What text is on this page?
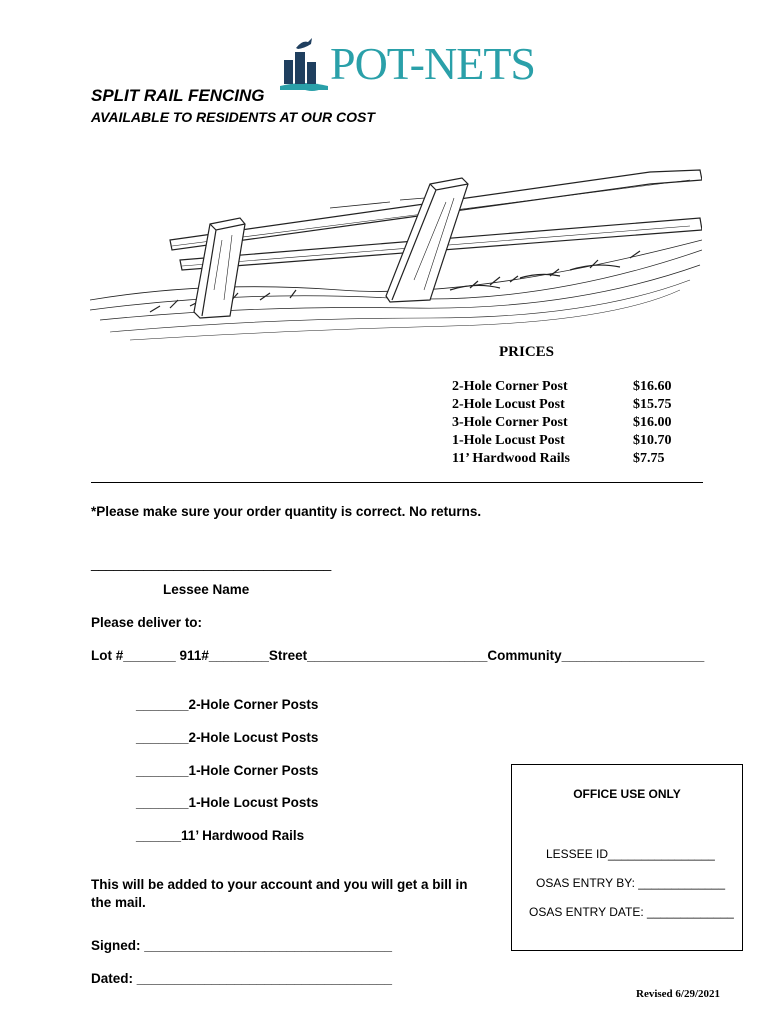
POT-NETS
SPLIT RAIL FENCING
AVAILABLE TO RESIDENTS AT OUR COST
PRICES
2-Hole Corner Post	$16.60
2-Hole Locust Post	$15.75
3-Hole Corner Post	$16.00
1-Hole Locust Post	$10.70
11’ Hardwood Rails	$7.75
*Please make sure your order quantity is correct. No returns.
________________________________
Lessee Name
Please deliver to:
Lot #_______ 911#________Street________________________Community___________________
_______2-Hole Corner Posts
_______2-Hole Locust Posts
_______1-Hole Corner Posts
_______1-Hole Locust Posts
______11’ Hardwood Rails
This will be added to your account and you will get a bill in
the mail.
Signed: _________________________________
Dated: __________________________________
OFFICE USE ONLY
LESSEE ID________________
OSAS ENTRY BY: _____________
OSAS ENTRY DATE: _____________
Revised 6/29/2021
